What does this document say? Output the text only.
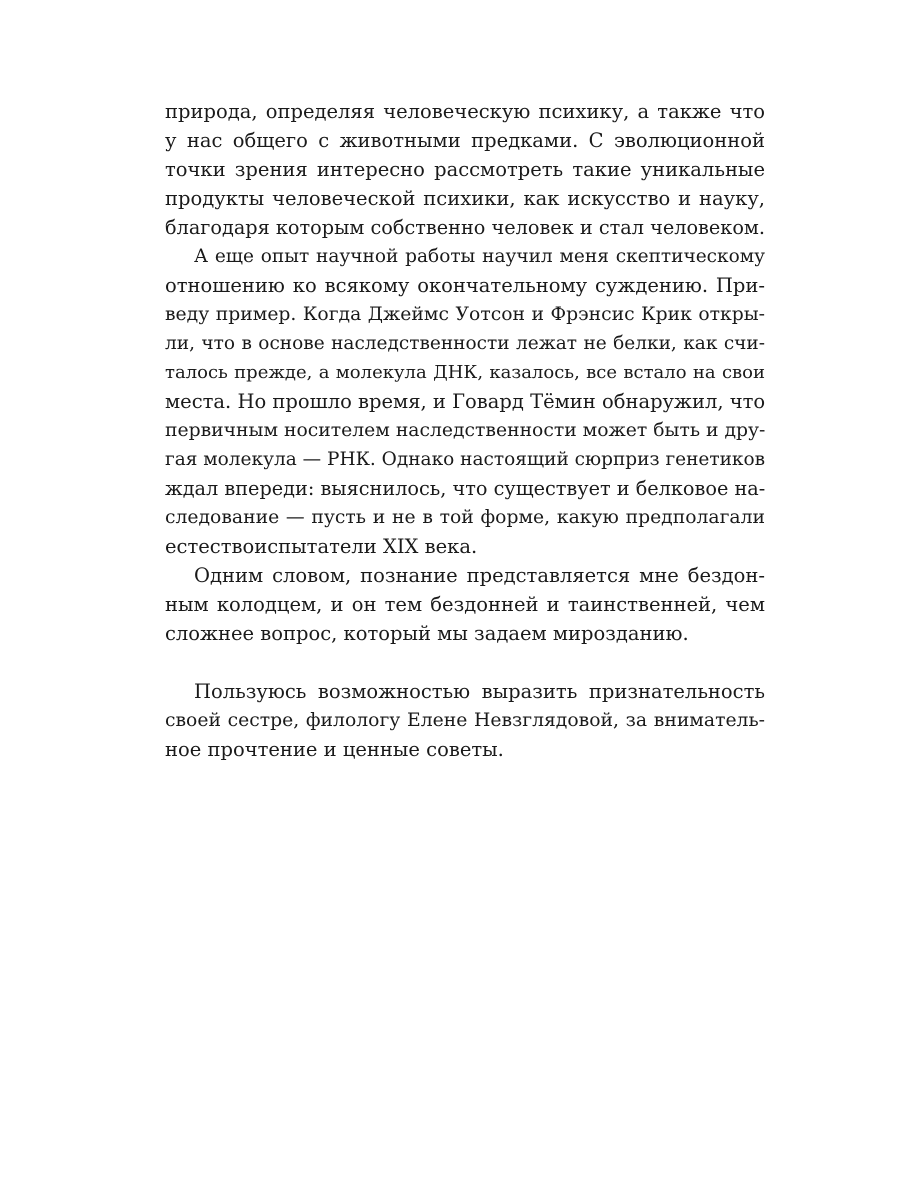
природа, определяя человеческую психику, а также что
у нас общего с животными предками. С эволюционной
точки зрения интересно рассмотреть такие уникальные
продукты человеческой психики, как искусство и науку,
благодаря которым собственно человек и стал человеком.
А еще опыт научной работы научил меня скептическому
отношению ко всякому окончательному суждению. При-
веду пример. Когда Джеймс Уотсон и Фрэнсис Крик откры-
ли, что в основе наследственности лежат не белки, как счи-
талось прежде, а молекула ДНК, казалось, все встало на свои
места. Но прошло время, и Говард Тёмин обнаружил, что
первичным носителем наследственности может быть и дру-
гая молекула — РНК. Однако настоящий сюрприз генетиков
ждал впереди: выяснилось, что существует и белковое на-
следование — пусть и не в той форме, какую предполагали
естествоиспытатели XIX века.
Одним словом, познание представляется мне бездон-
ным колодцем, и он тем бездонней и таинственней, чем
сложнее вопрос, который мы задаем мирозданию.
Пользуюсь возможностью выразить признательность
своей сестре, филологу Елене Невзглядовой, за вниматель-
ное прочтение и ценные советы.
